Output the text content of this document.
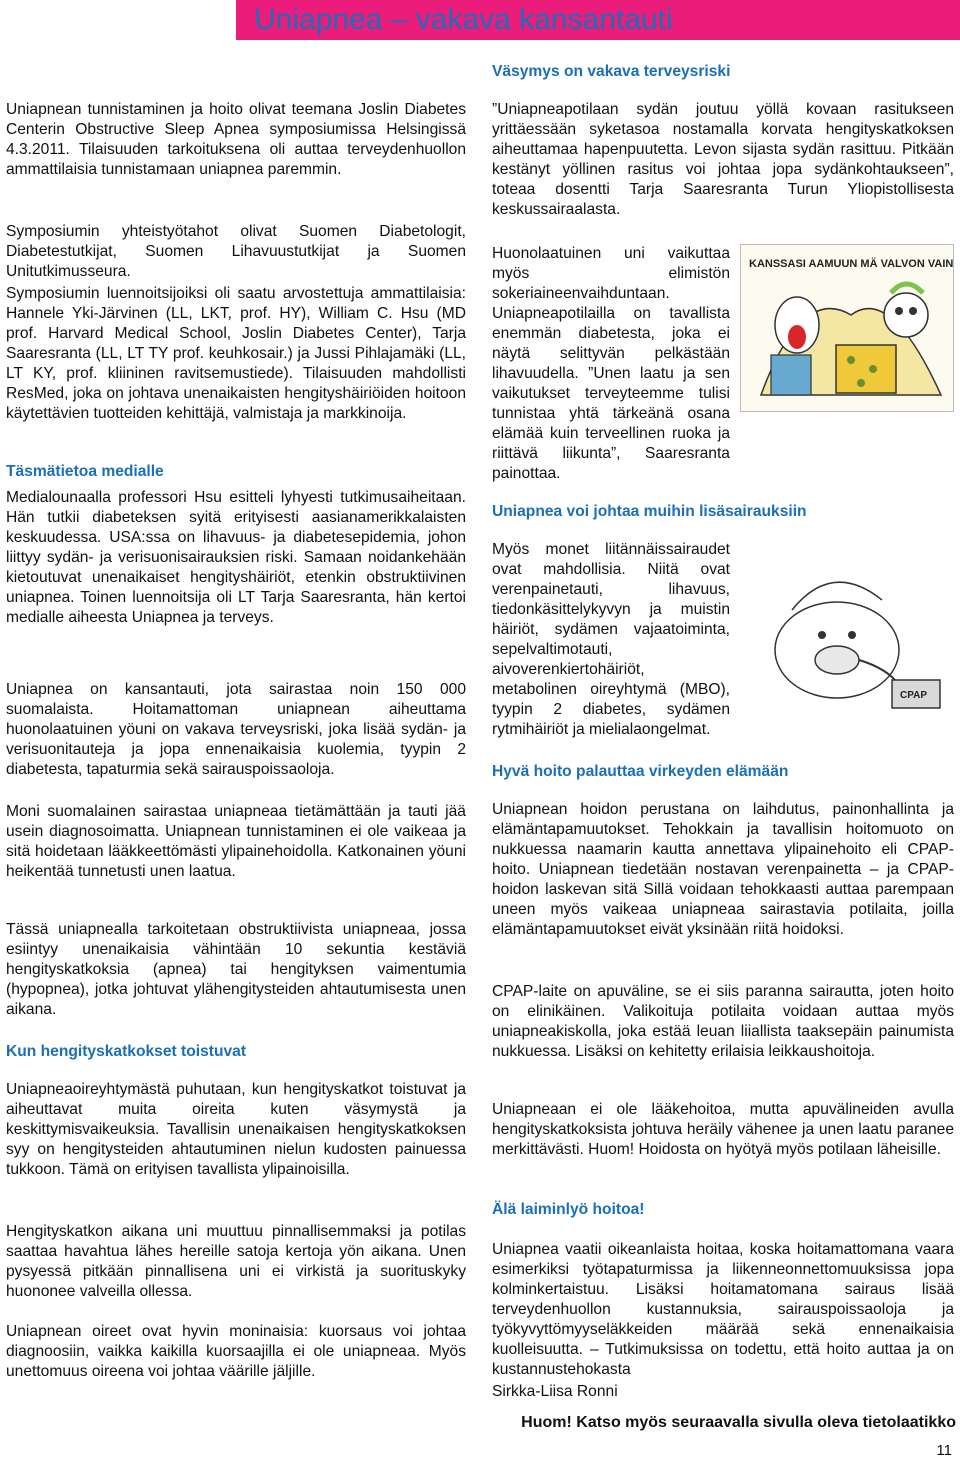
Uniapnea – vakava kansantauti

Uniapnean tunnistaminen ja hoito olivat teemana Joslin Diabetes Centerin Obstructive Sleep Apnea symposiumissa Helsingissä 4.3.2011. Tilaisuuden tarkoituksena oli auttaa terveydenhuollon ammattilaisia tunnistamaan uniapnea paremmin.

Symposiumin yhteistyötahot olivat Suomen Diabetologit, Diabetestutkijat, Suomen Lihavuustutkijat ja Suomen Unitutkimusseura.

Symposiumin luennoitsijoiksi oli saatu arvostettuja ammattilaisia: Hannele Yki-Järvinen (LL, LKT, prof. HY), William C. Hsu (MD prof. Harvard Medical School, Joslin Diabetes Center), Tarja Saaresranta (LL, LT TY prof. keuhkosair.) ja Jussi Pihlajamäki (LL, LT KY, prof. kliininen ravitsemustiede). Tilaisuuden mahdollisti ResMed, joka on johtava unenaikaisten hengityshäiriöiden hoitoon käytettävien tuotteiden kehittäjä, valmistaja ja markkinoija.

Täsmätietoa medialle

Medialounaalla professori Hsu esitteli lyhyesti tutkimusaiheitaan. Hän tutkii diabeteksen syitä erityisesti aasianamerikkalaisten keskuudessa. USA:ssa on lihavuus- ja diabetesepidemia, johon liittyy sydän- ja verisuonisairauksien riski. Samaan noidankehään kietoutuvat unenaikaiset hengityshäiriöt, etenkin obstruktiivinen uniapnea. Toinen luennoitsija oli LT Tarja Saaresranta, hän kertoi medialle aiheesta Uniapnea ja terveys.

Uniapnea on kansantauti, jota sairastaa noin 150 000 suomalaista. Hoitamattoman uniapnean aiheuttama huonolaatuinen yöuni on vakava terveysriski, joka lisää sydän- ja verisuonitauteja ja jopa ennenaikaisia kuolemia, tyypin 2 diabetesta, tapaturmia sekä sairauspoissaoloja.

Moni suomalainen sairastaa uniapneaa tietämättään ja tauti jää usein diagnosoimatta. Uniapnean tunnistaminen ei ole vaikeaa ja sitä hoidetaan lääkkeettömästi ylipainehoidolla. Katkonainen yöuni heikentää tunnetusti unen laatua.

Tässä uniapnealla tarkoitetaan obstruktiivista uniapneaa, jossa esiintyy unenaikaisia vähintään 10 sekuntia kestäviä hengityskatkoksia (apnea) tai hengityksen vaimentumia (hypopnea), jotka johtuvat ylähengitysteiden ahtautumisesta unen aikana.

Kun hengityskatkokset toistuvat

Uniapneaoireyhtymästä puhutaan, kun hengityskatkot toistuvat ja aiheuttavat muita oireita kuten väsymystä ja keskittymisvaikeuksia. Tavallisin unenaikaisen hengityskatkoksen syy on hengitysteiden ahtautuminen nielun kudosten painuessa tukkoon. Tämä on erityisen tavallista ylipainoisilla.

Hengityskatkon aikana uni muuttuu pinnallisemmaksi ja potilas saattaa havahtua lähes hereille satoja kertoja yön aikana. Unen pysyessä pitkään pinnallisena uni ei virkistä ja suorituskyky huononee valveilla ollessa.

Uniapnean oireet ovat hyvin moninaisia: kuorsaus voi johtaa diagnoosiin, vaikka kaikilla kuorsaajilla ei ole uniapneaa. Myös unettomuus oireena voi johtaa väärille jäljille.

Väsymys on vakava terveysriski

”Uniapneapotilaan sydän joutuu yöllä kovaan rasitukseen yrittäessään syketasoa nostamalla korvata hengityskatkoksen aiheuttamaa hapenpuutetta. Levon sijasta sydän rasittuu. Pitkään kestänyt yöllinen rasitus voi johtaa jopa sydänkohtaukseen”, toteaa dosentti Tarja Saaresranta Turun Yliopistollisesta keskussairaalasta.

Huonolaatuinen uni vaikuttaa myös elimistön sokeriaineenvaihduntaan. Uniapneapotilailla on tavallista enemmän diabetesta, joka ei näytä selittyvän pelkästään lihavuudella. ”Unen laatu ja sen vaikutukset terveyteemme tulisi tunnistaa yhtä tärkeänä osana elämää kuin terveellinen ruoka ja riittävä liikunta”, Saaresranta painottaa.

KANSSASI AAMUUN MÄ VALVON VAIN.
Uniapnea voi johtaa muihin lisäsairauksiin

Myös monet liitännäissairaudet ovat mahdollisia. Niitä ovat verenpainetauti, lihavuus, tiedonkäsittelykyvyn ja muistin häiriöt, sydämen vajaatoiminta, sepelvaltimotauti, aivoverenkiertohäiriöt, metabolinen oireyhtymä (MBO), tyypin 2 diabetes, sydämen rytmihäiriöt ja mielialaongelmat.

CPAP
Hyvä hoito palauttaa virkeyden elämään

Uniapnean hoidon perustana on laihdutus, painonhallinta ja elämäntapamuutokset. Tehokkain ja tavallisin hoitomuoto on nukkuessa naamarin kautta annettava ylipainehoito eli CPAP-hoito. Uniapnean tiedetään nostavan verenpainetta – ja CPAP-hoidon laskevan sitä Sillä voidaan tehokkaasti auttaa parempaan uneen myös vaikeaa uniapneaa sairastavia potilaita, joilla elämäntapamuutokset eivät yksinään riitä hoidoksi.

CPAP-laite on apuväline, se ei siis paranna sairautta, joten hoito on elinikäinen. Valikoituja potilaita voidaan auttaa myös uniapneakiskolla, joka estää leuan liiallista taaksepäin painumista nukkuessa. Lisäksi on kehitetty erilaisia leikkaushoitoja.

Uniapneaan ei ole lääkehoitoa, mutta apuvälineiden avulla hengityskatkoksista johtuva heräily vähenee ja unen laatu paranee merkittävästi. Huom! Hoidosta on hyötyä myös potilaan läheisille.

Älä laiminlyö hoitoa!

Uniapnea vaatii oikeanlaista hoitaa, koska hoitamattomana vaara esimerkiksi työtapaturmissa ja liikenneonnettomuuksissa jopa kolminkertaistuu. Lisäksi hoitamatomana sairaus lisää terveydenhuollon kustannuksia, sairauspoissaoloja ja työkyvyttömyyseläkkeiden määrää sekä ennenaikaisia kuolleisuutta. – Tutkimuksissa on todettu, että hoito auttaa ja on kustannustehokasta

Sirkka-Liisa Ronni

Huom! Katso myös seuraavalla sivulla oleva tietolaatikko
11
